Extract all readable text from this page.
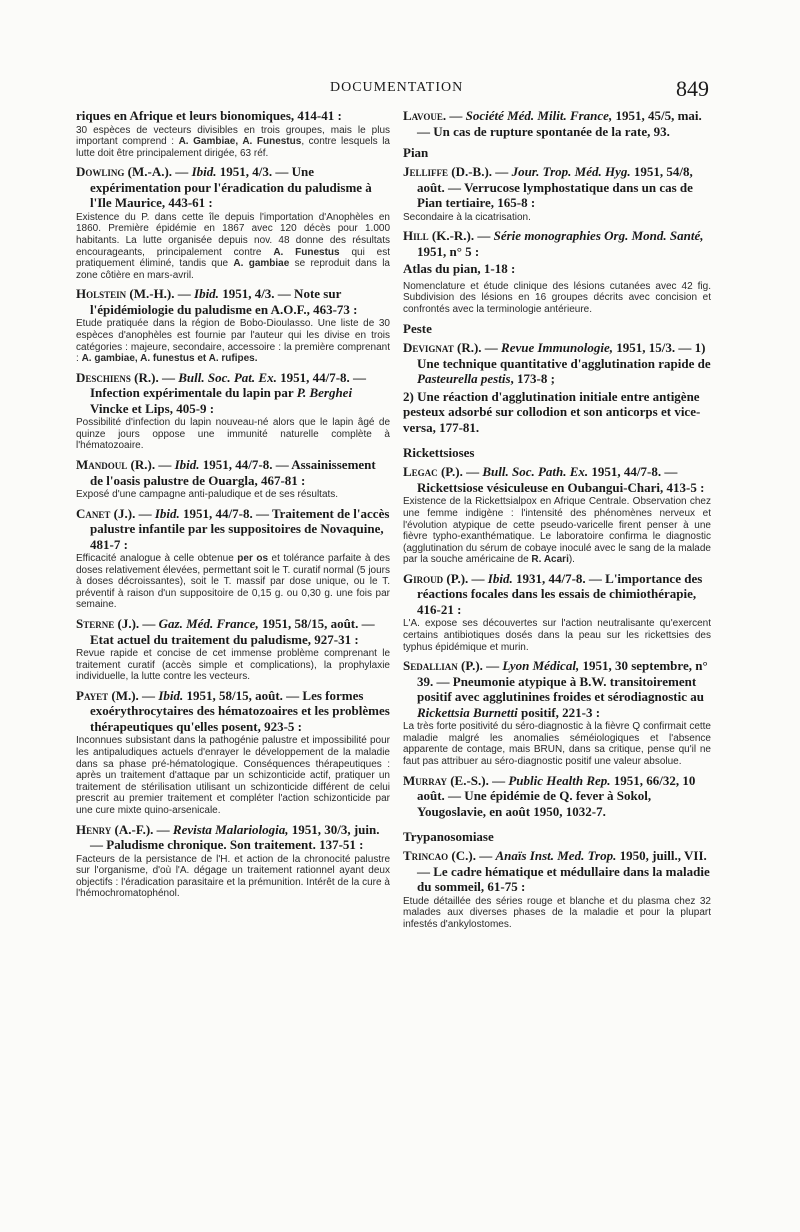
DOCUMENTATION	849
riques en Afrique et leurs bionomiques, 414-41 :
30 espèces de vecteurs divisibles en trois groupes, mais le plus important comprend : A. Gambiae, A. Funestus, contre lesquels la lutte doit être principalement dirigée, 63 réf.
Dowling (M.-A.). — Ibid. 1951, 4/3. — Une expérimentation pour l'éradication du paludisme à l'Ile Maurice, 443-61 :
Existence du P. dans cette île depuis l'importation d'Anophèles en 1860. Première épidémie en 1867 avec 120 décès pour 1.000 habitants. La lutte organisée depuis nov. 48 donne des résultats encourageants, principalement contre A. Funestus qui est pratiquement éliminé, tandis que A. gambiae se reproduit dans la zone côtière en mars-avril.
Holstein (M.-H.). — Ibid. 1951, 4/3. — Note sur l'épidémiologie du paludisme en A.O.F., 463-73 :
Etude pratiquée dans la région de Bobo-Dioulasso. Une liste de 30 espèces d'anophèles est fournie par l'auteur qui les divise en trois catégories : majeure, secondaire, accessoire : la première comprenant : A. gambiae, A. funestus et A. rufipes.
Deschiens (R.). — Bull. Soc. Pat. Ex. 1951, 44/7-8. — Infection expérimentale du lapin par P. Berghei Vincke et Lips, 405-9 :
Possibilité d'infection du lapin nouveau-né alors que le lapin âgé de quinze jours oppose une immunité naturelle complète à l'hématozoaire.
Mandoul (R.). — Ibid. 1951, 44/7-8. — Assainissement de l'oasis palustre de Ouargla, 467-81 :
Exposé d'une campagne anti-paludique et de ses résultats.
Canet (J.). — Ibid. 1951, 44/7-8. — Traitement de l'accès palustre infantile par les suppositoires de Novaquine, 481-7 :
Efficacité analogue à celle obtenue per os et tolérance parfaite à des doses relativement élevées, permettant soit le T. curatif normal (5 jours à doses décroissantes), soit le T. massif par dose unique, ou le T. préventif à raison d'un suppositoire de 0,15 g. ou 0,30 g. une fois par semaine.
Sterne (J.). — Gaz. Méd. France, 1951, 58/15, août. — Etat actuel du traitement du paludisme, 927-31 :
Revue rapide et concise de cet immense problème comprenant le traitement curatif (accès simple et complications), la prophylaxie individuelle, la lutte contre les vecteurs.
Payet (M.). — Ibid. 1951, 58/15, août. — Les formes exoérythrocytaires des hématozoaires et les problèmes thérapeutiques qu'elles posent, 923-5 :
Inconnues subsistant dans la pathogénie palustre et impossibilité pour les antipaludiques actuels d'enrayer le développement de la maladie dans sa phase pré-hématologique. Conséquences thérapeutiques : après un traitement d'attaque par un schizonticide actif, pratiquer un traitement de stérilisation utilisant un schizonticide différent de celui prescrit au premier traitement et compléter l'action schizonticide par une cure mixte quino-arsenicale.
Henry (A.-F.). — Revista Malariologia, 1951, 30/3, juin. — Paludisme chronique. Son traitement. 137-51 :
Facteurs de la persistance de l'H. et action de la chronocité palustre sur l'organisme, d'où l'A. dégage un traitement rationnel ayant deux objectifs : l'éradication parasitaire et la prémunition. Intérêt de la cure à l'hémochromatophénol.
Lavoue. — Société Méd. Milit. France, 1951, 45/5, mai. — Un cas de rupture spontanée de la rate, 93.
Pian
Jelliffe (D.-B.). — Jour. Trop. Méd. Hyg. 1951, 54/8, août. — Verrucose lymphostatique dans un cas de Pian tertiaire, 165-8 :
Secondaire à la cicatrisation.
Hill (K.-R.). — Série monographies Org. Mond. Santé, 1951, n° 5 :
Atlas du pian, 1-18 :
Nomenclature et étude clinique des lésions cutanées avec 42 fig. Subdivision des lésions en 16 groupes décrits avec concision et confrontés avec la terminologie antérieure.
Peste
Devignat (R.). — Revue Immunologie, 1951, 15/3. — 1) Une technique quantitative d'agglutination rapide de Pasteurella pestis, 173-8 ;
2) Une réaction d'agglutination initiale entre antigène pesteux adsorbé sur collodion et son anticorps et vice-versa, 177-81.
Rickettsioses
Legac (P.). — Bull. Soc. Path. Ex. 1951, 44/7-8. — Rickettsiose vésiculeuse en Oubangui-Chari, 413-5 :
Existence de la Rickettsialpox en Afrique Centrale. Observation chez une femme indigène : l'intensité des phénomènes nerveux et l'évolution atypique de cette pseudo-varicelle firent penser à une fièvre typho-exanthématique. Le laboratoire confirma le diagnostic (agglutination du sérum de cobaye inoculé avec le sang de la malade par la souche américaine de R. Acari).
Giroud (P.). — Ibid. 1931, 44/7-8. — L'importance des réactions focales dans les essais de chimiothérapie, 416-21 :
L'A. expose ses découvertes sur l'action neutralisante qu'exercent certains antibiotiques dosés dans la peau sur les rickettsies des typhus épidémique et murin.
Sedallian (P.). — Lyon Médical, 1951, 30 septembre, n° 39. — Pneumonie atypique à B.W. transitoirement positif avec agglutinines froides et sérodiagnostic au Rickettsia Burnetti positif, 221-3 :
La très forte positivité du séro-diagnostic à la fièvre Q confirmait cette maladie malgré les anomalies séméiologiques et l'absence apparente de contage, mais BRUN, dans sa critique, pense qu'il ne faut pas attribuer au séro-diagnostic positif une valeur absolue.
Murray (E.-S.). — Public Health Rep. 1951, 66/32, 10 août. — Une épidémie de Q. fever à Sokol, Yougoslavie, en août 1950, 1032-7.
Trypanosomiase
Trincao (C.). — Anaïs Inst. Med. Trop. 1950, juill., VII. — Le cadre hématique et médullaire dans la maladie du sommeil, 61-75 :
Etude détaillée des séries rouge et blanche et du plasma chez 32 malades aux diverses phases de la maladie et pour la plupart infestés d'ankylostomes.
